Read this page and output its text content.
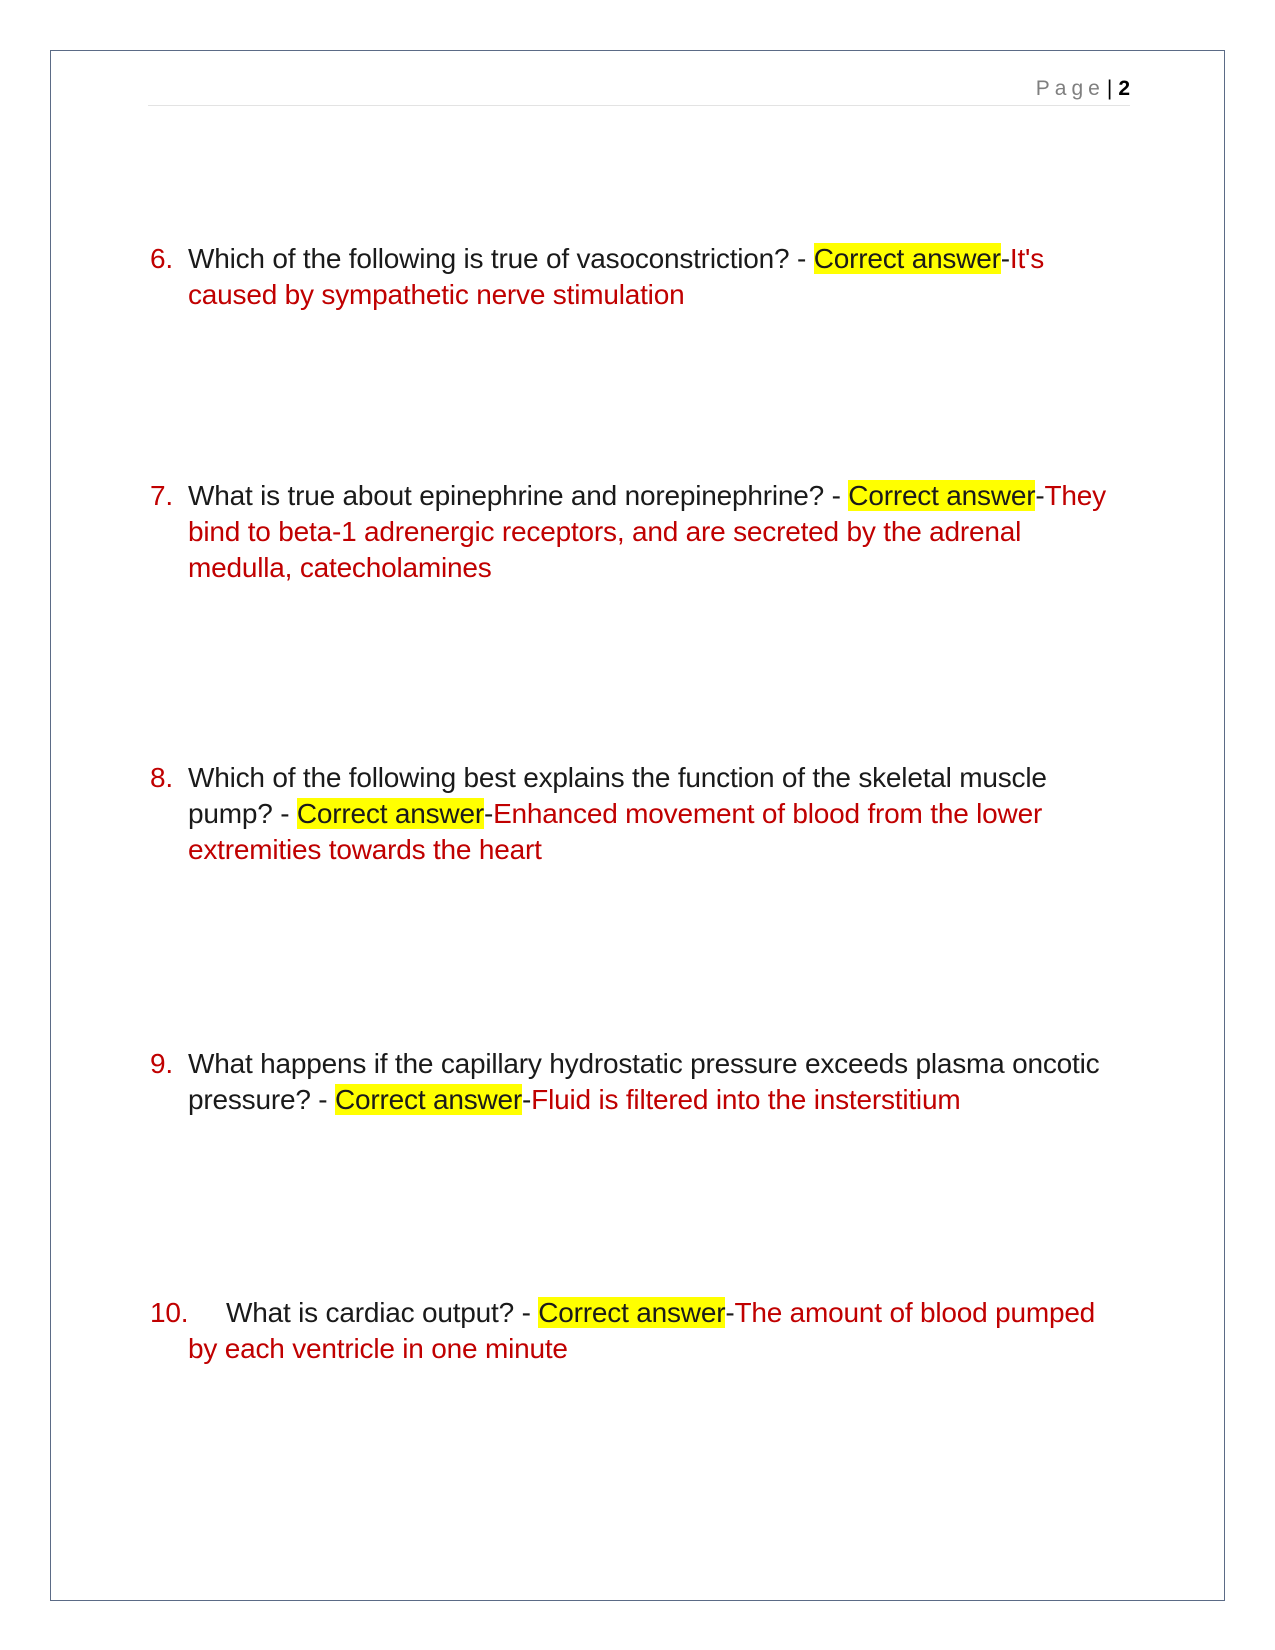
Page| 2
6. Which of the following is true of vasoconstriction? - Correct answer-It's caused by sympathetic nerve stimulation
7. What is true about epinephrine and norepinephrine? - Correct answer-They bind to beta-1 adrenergic receptors, and are secreted by the adrenal medulla, catecholamines
8. Which of the following best explains the function of the skeletal muscle pump? - Correct answer-Enhanced movement of blood from the lower extremities towards the heart
9. What happens if the capillary hydrostatic pressure exceeds plasma oncotic pressure? - Correct answer-Fluid is filtered into the insterstitium
10.	What is cardiac output? - Correct answer-The amount of blood pumped by each ventricle in one minute
